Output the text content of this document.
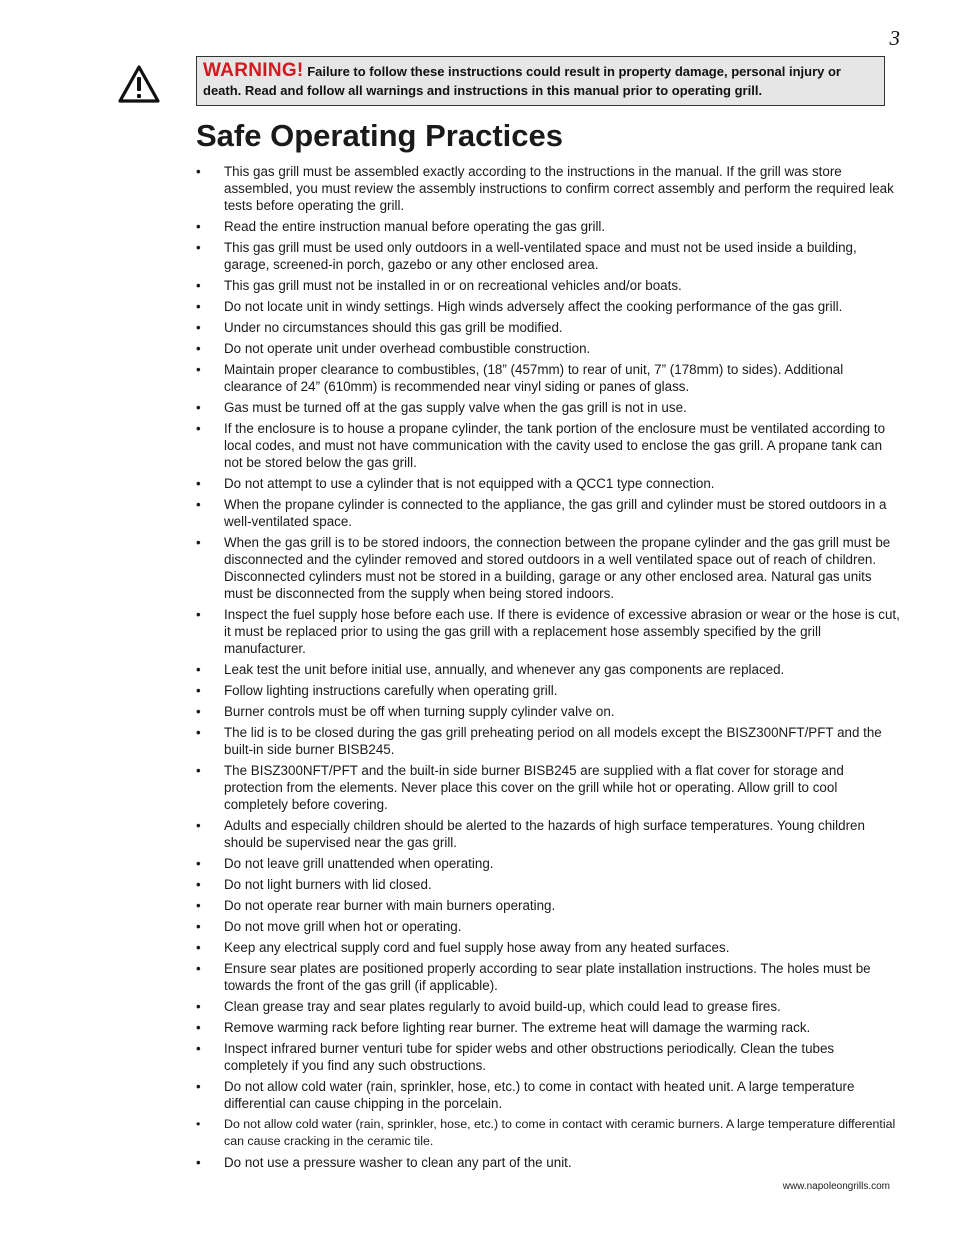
3
WARNING! Failure to follow these instructions could result in property damage, personal injury or death. Read and follow all warnings and instructions in this manual prior to operating grill.
Safe Operating Practices
• This gas grill must be assembled exactly according to the instructions in the manual. If the grill was store assembled, you must review the assembly instructions to confirm correct assembly and perform the required leak tests before operating the grill.
• Read the entire instruction manual before operating the gas grill.
• This gas grill must be used only outdoors in a well-ventilated space and must not be used inside a building, garage, screened-in porch, gazebo or any other enclosed area.
• This gas grill must not be installed in or on recreational vehicles and/or boats.
• Do not locate unit in windy settings. High winds adversely affect the cooking performance of the gas grill.
• Under no circumstances should this gas grill be modified.
• Do not operate unit under overhead combustible construction.
• Maintain proper clearance to combustibles, (18” (457mm) to rear of unit, 7” (178mm) to sides). Additional clearance of 24” (610mm) is recommended near vinyl siding or panes of glass.
• Gas must be turned off at the gas supply valve when the gas grill is not in use.
• If the enclosure is to house a propane cylinder, the tank portion of the enclosure must be ventilated according to local codes, and must not have communication with the cavity used to enclose the gas grill. A propane tank can not be stored below the gas grill.
• Do not attempt to use a cylinder that is not equipped with a QCC1 type connection.
• When the propane cylinder is connected to the appliance, the gas grill and cylinder must be stored outdoors in a well-ventilated space.
• When the gas grill is to be stored indoors, the connection between the propane cylinder and the gas grill must be disconnected and the cylinder removed and stored outdoors in a well ventilated space out of reach of children. Disconnected cylinders must not be stored in a building, garage or any other enclosed area. Natural gas units must be disconnected from the supply when being stored indoors.
• Inspect the fuel supply hose before each use. If there is evidence of excessive abrasion or wear or the hose is cut, it must be replaced prior to using the gas grill with a replacement hose assembly specified by the grill manufacturer.
• Leak test the unit before initial use, annually, and whenever any gas components are replaced.
• Follow lighting instructions carefully when operating grill.
• Burner controls must be off when turning supply cylinder valve on.
• The lid is to be closed during the gas grill preheating period on all models except the BISZ300NFT/PFT and the built-in side burner BISB245.
• The BISZ300NFT/PFT and the built-in side burner BISB245 are supplied with a flat cover for storage and protection from the elements. Never place this cover on the grill while hot or operating. Allow grill to cool completely before covering.
• Adults and especially children should be alerted to the hazards of high surface temperatures. Young children should be supervised near the gas grill.
• Do not leave grill unattended when operating.
• Do not light burners with lid closed.
• Do not operate rear burner with main burners operating.
• Do not move grill when hot or operating.
• Keep any electrical supply cord and fuel supply hose away from any heated surfaces.
• Ensure sear plates are positioned properly according to sear plate installation instructions. The holes must be towards the front of the gas grill (if applicable).
• Clean grease tray and sear plates regularly to avoid build-up, which could lead to grease fires.
• Remove warming rack before lighting rear burner. The extreme heat will damage the warming rack.
• Inspect infrared burner venturi tube for spider webs and other obstructions periodically. Clean the tubes completely if you find any such obstructions.
• Do not allow cold water (rain, sprinkler, hose, etc.) to come in contact with heated unit. A large temperature differential can cause chipping in the porcelain.
• Do not allow cold water (rain, sprinkler, hose, etc.) to come in contact with ceramic burners. A large temperature differential can cause cracking in the ceramic tile.
• Do not use a pressure washer to clean any part of the unit.
www.napoleongrills.com
